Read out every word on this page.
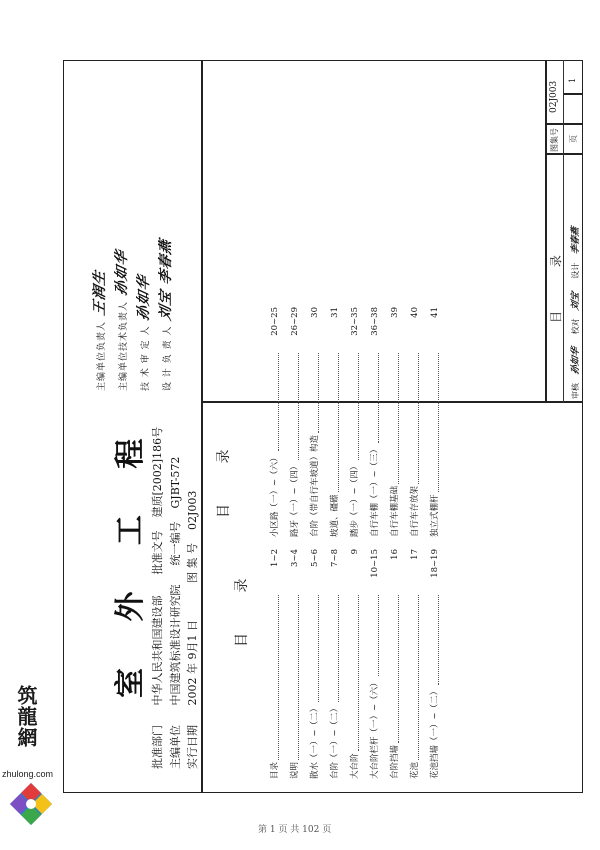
室 外 工 程
批准部门 中华人民共和国建设部  批准文号  建质[2002]186号
主编单位 中国建筑标准设计研究院  统一编号  GJBT-572
实行日期 2002 年 9月1 日  图 集 号  02J003
目 录
目 录
目录
1~2
说明
3~4
散水（一）~（二）
5~6
台阶（一）~（二）
7~8
大台阶
9
大台阶栏杆（一）~（六）
10~15
台阶挡墙
16
花池
17
花池挡墙（一）~（二）
18~19
小区路（一）~（六）
20~25
路牙（一）~（四）
26~29
台阶（带自行车坡道）构造
30
坡道、礓礤
31
踏步（一）~（四）
32~35
自行车棚（一）~（三）
36~38
自行车棚基础
39
自行车存放架
40
独立式棚杆
41
主编单位负责人王润生
主编单位技术负责人孙如华
技 术 审 定 人孙如华
设 计 负 责 人刘宝 李春燕	目 录
图集号
02J003
页
1
审核 孙如华  校对 刘宝  设计 李春燕
第 1 页 共 102 页
筑龍網
zhulong.com
